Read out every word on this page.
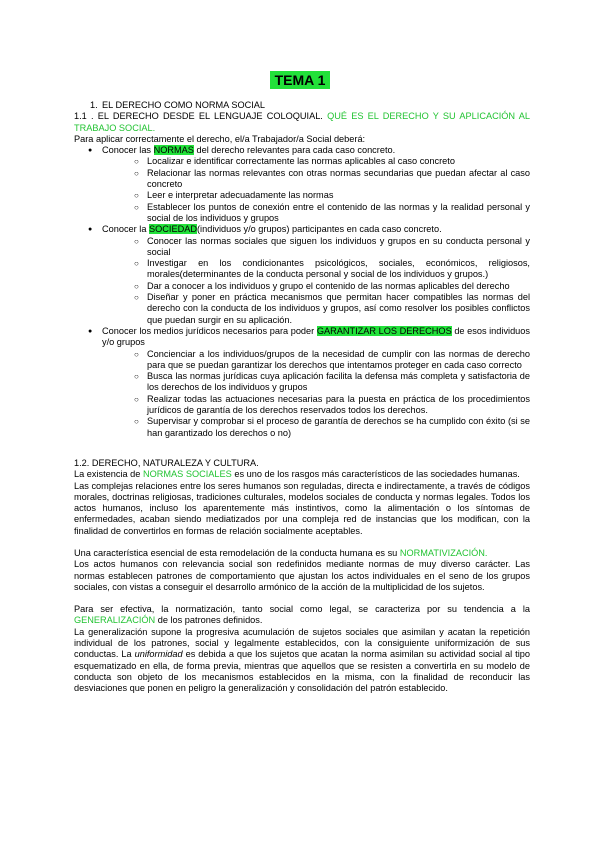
TEMA 1
1. EL DERECHO COMO NORMA SOCIAL

1.1 . EL DERECHO DESDE EL LENGUAJE COLOQUIAL. QUÉ ES EL DERECHO Y SU APLICACIÓN AL TRABAJO SOCIAL.

Para aplicar correctamente el derecho, el/a Trabajador/a Social deberá:

● Conocer las NORMAS del derecho relevantes para cada caso concreto.
○ Localizar e identificar correctamente las normas aplicables al caso concreto
○ Relacionar las normas relevantes con otras normas secundarias que puedan afectar al caso concreto
○ Leer e interpretar adecuadamente las normas
○ Establecer los puntos de conexión entre el contenido de las normas y la realidad personal y social de los individuos y grupos
● Conocer la SOCIEDAD(individuos y/o grupos) participantes en cada caso concreto.
○ Conocer las normas sociales que siguen los individuos y grupos en su conducta personal y social
○ Investigar en los condicionantes psicológicos, sociales, económicos, religiosos, morales(determinantes de la conducta personal y social de los individuos y grupos.)
○ Dar a conocer a los individuos y grupo el contenido de las normas aplicables del derecho
○ Diseñar y poner en práctica mecanismos que permitan hacer compatibles las normas del derecho con la conducta de los individuos y grupos, así como resolver los posibles conflictos que puedan surgir en su aplicación.
● Conocer los medios jurídicos necesarios para poder GARANTIZAR LOS DERECHOS de esos individuos y/o grupos
○ Concienciar a los individuos/grupos de la necesidad de cumplir con las normas de derecho para que se puedan garantizar los derechos que intentamos proteger en cada caso correcto
○ Busca las normas jurídicas cuya aplicación facilita la defensa más completa y satisfactoria de los derechos de los individuos y grupos
○ Realizar todas las actuaciones necesarias para la puesta en práctica de los procedimientos jurídicos de garantía de los derechos reservados todos los derechos.
○ Supervisar y comprobar si el proceso de garantía de derechos se ha cumplido con éxito (si se han garantizado los derechos o no)

1.2. DERECHO, NATURALEZA Y CULTURA.

La existencia de NORMAS SOCIALES es uno de los rasgos más característicos de las sociedades humanas.

Las complejas relaciones entre los seres humanos son reguladas, directa e indirectamente, a través de códigos morales, doctrinas religiosas, tradiciones culturales, modelos sociales de conducta y normas legales. Todos los actos humanos, incluso los aparentemente más instintivos, como la alimentación o los síntomas de enfermedades, acaban siendo mediatizados por una compleja red de instancias que los modifican, con la finalidad de convertirlos en formas de relación socialmente aceptables.

Una característica esencial de esta remodelación de la conducta humana es su NORMATIVIZACIÓN.

Los actos humanos con relevancia social son redefinidos mediante normas de muy diverso carácter. Las normas establecen patrones de comportamiento que ajustan los actos individuales en el seno de los grupos sociales, con vistas a conseguir el desarrollo armónico de la acción de la multiplicidad de los sujetos.

Para ser efectiva, la normatización, tanto social como legal, se caracteriza por su tendencia a la GENERALIZACIÓN de los patrones definidos.

La generalización supone la progresiva acumulación de sujetos sociales que asimilan y acatan la repetición individual de los patrones, social y legalmente establecidos, con la consiguiente uniformización de sus conductas. La uniformidad es debida a que los sujetos que acatan la norma asimilan su actividad social al tipo esquematizado en ella, de forma previa, mientras que aquellos que se resisten a convertirla en su modelo de conducta son objeto de los mecanismos establecidos en la misma, con la finalidad de reconducir las desviaciones que ponen en peligro la generalización y consolidación del patrón establecido.
